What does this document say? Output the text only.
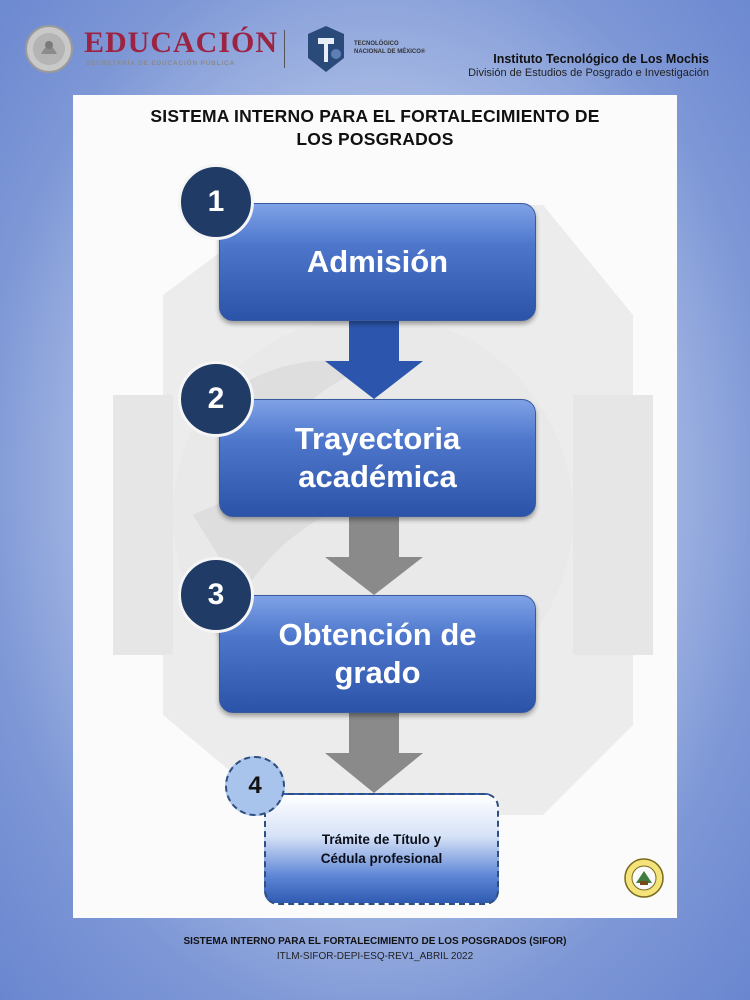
EDUCACIÓN
SECRETARÍA DE EDUCACIÓN PÚBLICA
TECNOLÓGICO
NACIONAL DE MÉXICO®	Instituto Tecnológico de Los Mochis
División de Estudios de Posgrado e Investigación
SISTEMA INTERNO PARA EL FORTALECIMIENTO DE
LOS POSGRADOS
Admisión
1
Trayectoria
académica
2
Obtención de
grado
3
Trámite de Título y
Cédula profesional
4
SISTEMA INTERNO PARA EL FORTALECIMIENTO DE LOS POSGRADOS (SIFOR)
ITLM-SIFOR-DEPI-ESQ-REV1_ABRIL 2022
